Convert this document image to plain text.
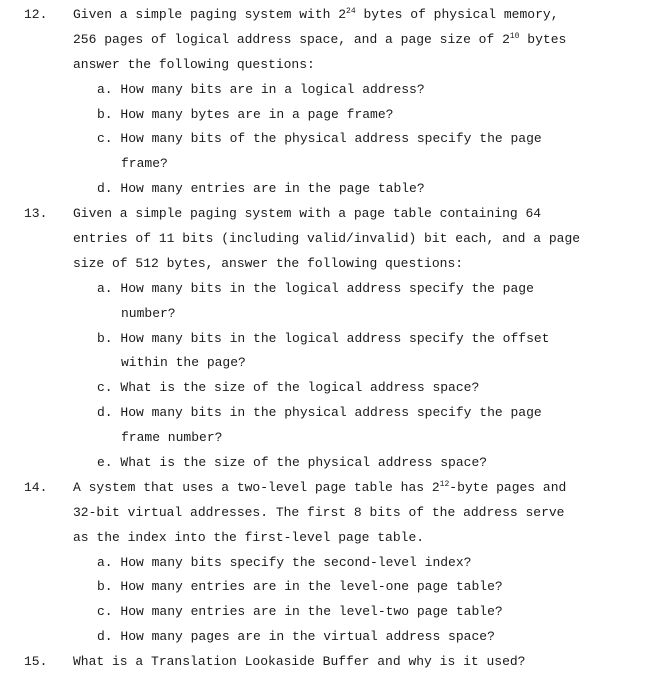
12. Given a simple paging system with $2^{24}$ bytes of physical memory,
256 pages of logical address space, and a page size of $2^{10}$ bytes
answer the following questions:
a. How many bits are in a logical address?
b. How many bytes are in a page frame?
c. How many bits of the physical address specify the page
frame?
d. How many entries are in the page table?
13. Given a simple paging system with a page table containing 64
entries of 11 bits (including valid/invalid) bit each, and a page
size of 512 bytes, answer the following questions:
a. How many bits in the logical address specify the page
number?
b. How many bits in the logical address specify the offset
within the page?
c. What is the size of the logical address space?
d. How many bits in the physical address specify the page
frame number?
e. What is the size of the physical address space?
14. A system that uses a two-level page table has $2^{12}$-byte pages and
32-bit virtual addresses. The first 8 bits of the address serve
as the index into the first-level page table.
a. How many bits specify the second-level index?
b. How many entries are in the level-one page table?
c. How many entries are in the level-two page table?
d. How many pages are in the virtual address space?
15. What is a Translation Lookaside Buffer and why is it used?
